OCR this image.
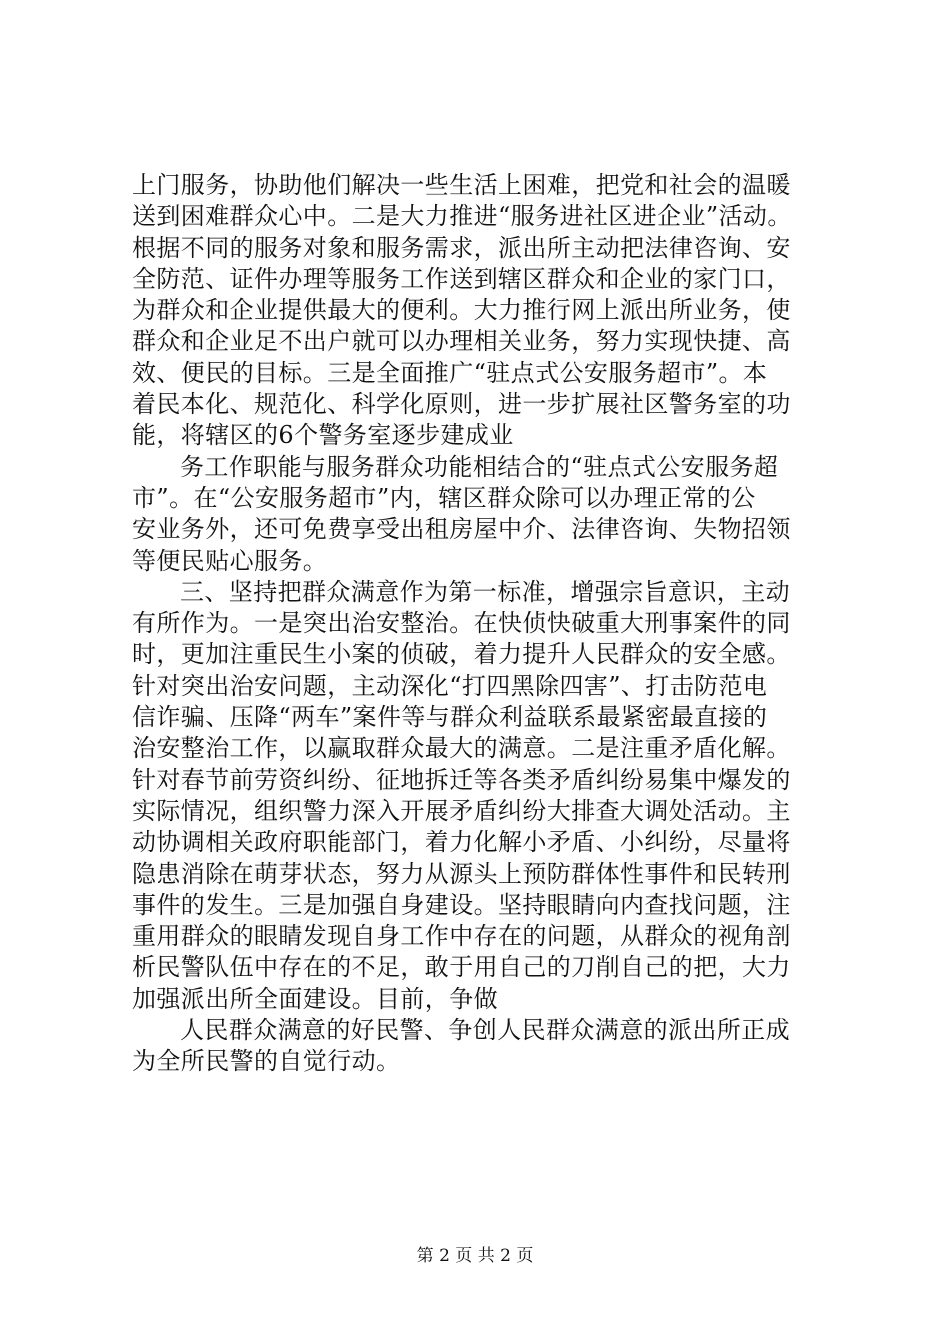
上门服务，协助他们解决一些生活上困难，把党和社会的温暖
送到困难群众心中。二是大力推进“服务进社区进企业”活动。
根据不同的服务对象和服务需求，派出所主动把法律咨询、安
全防范、证件办理等服务工作送到辖区群众和企业的家门口，
为群众和企业提供最大的便利。大力推行网上派出所业务，使
群众和企业足不出户就可以办理相关业务，努力实现快捷、高
效、便民的目标。三是全面推广“驻点式公安服务超市”。本
着民本化、规范化、科学化原则，进一步扩展社区警务室的功
能，将辖区的6个警务室逐步建成业
务工作职能与服务群众功能相结合的“驻点式公安服务超
市”。在“公安服务超市”内，辖区群众除可以办理正常的公
安业务外，还可免费享受出租房屋中介、法律咨询、失物招领
等便民贴心服务。
三、坚持把群众满意作为第一标准，增强宗旨意识，主动
有所作为。一是突出治安整治。在快侦快破重大刑事案件的同
时，更加注重民生小案的侦破，着力提升人民群众的安全感。
针对突出治安问题，主动深化“打四黑除四害”、打击防范电
信诈骗、压降“两车”案件等与群众利益联系最紧密最直接的
治安整治工作，以赢取群众最大的满意。二是注重矛盾化解。
针对春节前劳资纠纷、征地拆迁等各类矛盾纠纷易集中爆发的
实际情况，组织警力深入开展矛盾纠纷大排查大调处活动。主
动协调相关政府职能部门，着力化解小矛盾、小纠纷，尽量将
隐患消除在萌芽状态，努力从源头上预防群体性事件和民转刑
事件的发生。三是加强自身建设。坚持眼睛向内查找问题，注
重用群众的眼睛发现自身工作中存在的问题，从群众的视角剖
析民警队伍中存在的不足，敢于用自己的刀削自己的把，大力
加强派出所全面建设。目前，争做
人民群众满意的好民警、争创人民群众满意的派出所正成
为全所民警的自觉行动。
第 2 页 共 2 页
